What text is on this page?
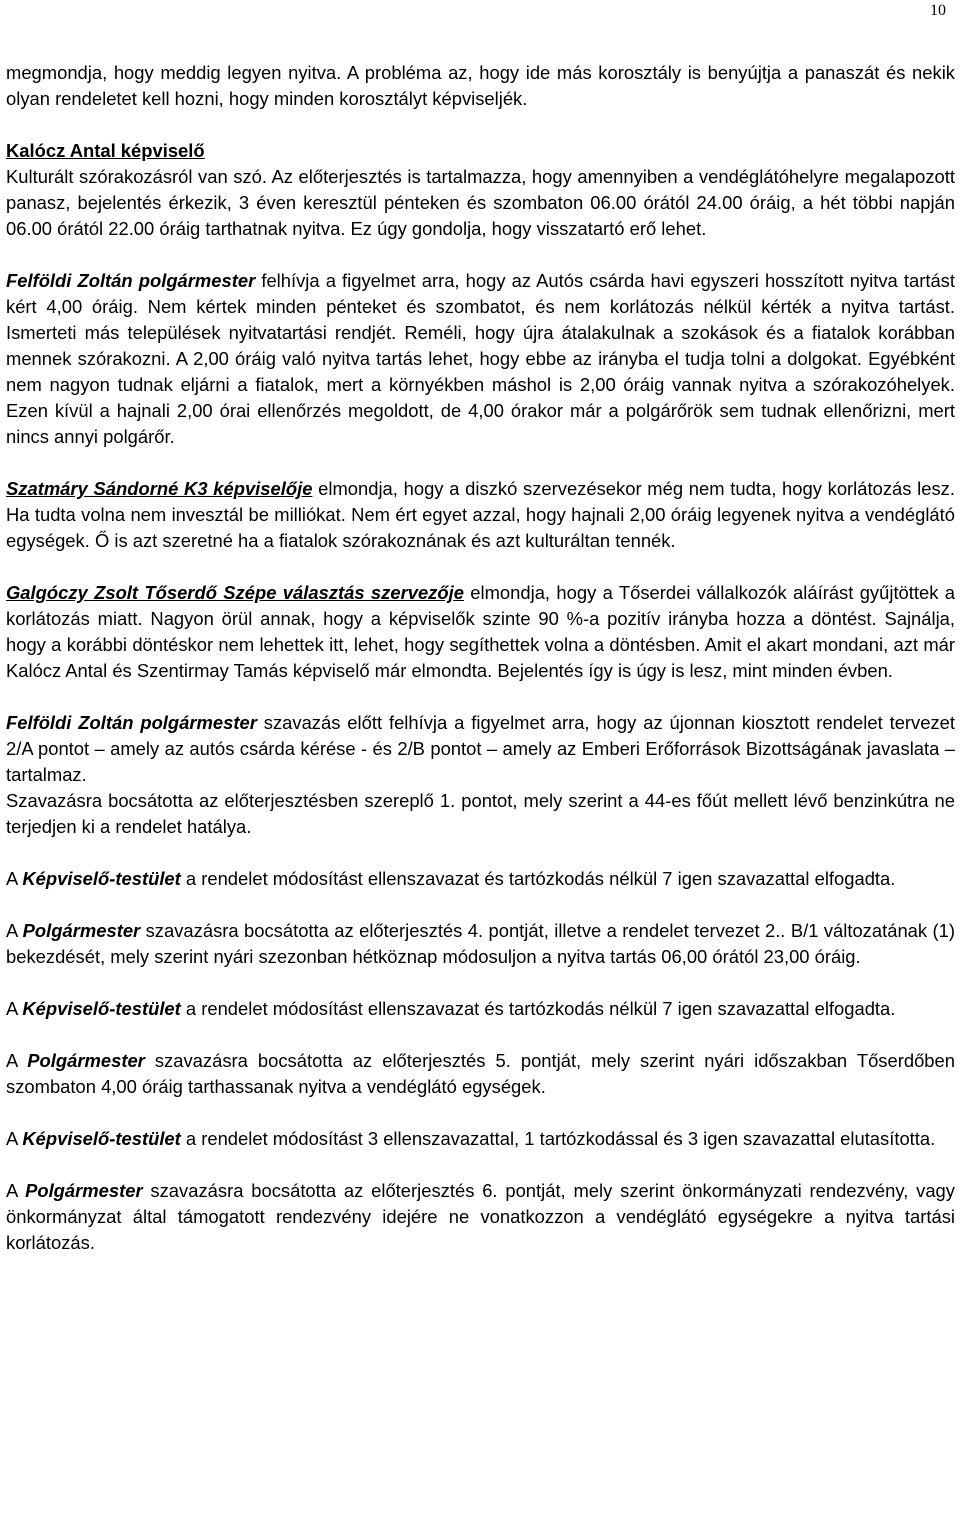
10

megmondja, hogy meddig legyen nyitva. A probléma az, hogy ide más korosztály is benyújtja a panaszát és nekik olyan rendeletet kell hozni, hogy minden korosztályt képviseljék.

Kalócz Antal képviselő

Kulturált szórakozásról van szó. Az előterjesztés is tartalmazza, hogy amennyiben a vendéglátóhelyre megalapozott panasz, bejelentés érkezik, 3 éven keresztül pénteken és szombaton 06.00 órától 24.00 óráig, a hét többi napján 06.00 órától 22.00 óráig tarthatnak nyitva. Ez úgy gondolja, hogy visszatartó erő lehet.

Felföldi Zoltán polgármester felhívja a figyelmet arra, hogy az Autós csárda havi egyszeri hosszított nyitva tartást kért 4,00 óráig. Nem kértek minden pénteket és szombatot, és nem korlátozás nélkül kérték a nyitva tartást. Ismerteti más települések nyitvatartási rendjét. Reméli, hogy újra átalakulnak a szokások és a fiatalok korábban mennek szórakozni. A 2,00 óráig való nyitva tartás lehet, hogy ebbe az irányba el tudja tolni a dolgokat. Egyébként nem nagyon tudnak eljárni a fiatalok, mert a környékben máshol is 2,00 óráig vannak nyitva a szórakozóhelyek. Ezen kívül a hajnali 2,00 órai ellenőrzés megoldott, de 4,00 órakor már a polgárőrök sem tudnak ellenőrizni, mert nincs annyi polgárőr.

Szatmáry Sándorné K3 képviselője elmondja, hogy a diszkó szervezésekor még nem tudta, hogy korlátozás lesz. Ha tudta volna nem invesztál be milliókat. Nem ért egyet azzal, hogy hajnali 2,00 óráig legyenek nyitva a vendéglátó egységek. Ő is azt szeretné ha a fiatalok szórakoznának és azt kulturáltan tennék.

Galgóczy Zsolt Tőserdő Szépe választás szervezője elmondja, hogy a Tőserdei vállalkozók aláírást gyűjtöttek a korlátozás miatt. Nagyon örül annak, hogy a képviselők szinte 90 %-a pozitív irányba hozza a döntést. Sajnálja, hogy a korábbi döntéskor nem lehettek itt, lehet, hogy segíthettek volna a döntésben. Amit el akart mondani, azt már Kalócz Antal és Szentirmay Tamás képviselő már elmondta. Bejelentés így is úgy is lesz, mint minden évben.

Felföldi Zoltán polgármester szavazás előtt felhívja a figyelmet arra, hogy az újonnan kiosztott rendelet tervezet 2/A pontot – amely az autós csárda kérése - és 2/B pontot – amely az Emberi Erőforrások Bizottságának javaslata – tartalmaz.

Szavazásra bocsátotta az előterjesztésben szereplő 1. pontot, mely szerint a 44-es főút mellett lévő benzinkútra ne terjedjen ki a rendelet hatálya.

A Képviselő-testület a rendelet módosítást ellenszavazat és tartózkodás nélkül 7 igen szavazattal elfogadta.

A Polgármester szavazásra bocsátotta az előterjesztés 4. pontját, illetve a rendelet tervezet 2.. B/1 változatának (1) bekezdését, mely szerint nyári szezonban hétköznap módosuljon a nyitva tartás 06,00 órától 23,00 óráig.

A Képviselő-testület a rendelet módosítást ellenszavazat és tartózkodás nélkül 7 igen szavazattal elfogadta.

A Polgármester szavazásra bocsátotta az előterjesztés 5. pontját, mely szerint nyári időszakban Tőserdőben szombaton 4,00 óráig tarthassanak nyitva a vendéglátó egységek.

A Képviselő-testület a rendelet módosítást 3 ellenszavazattal, 1 tartózkodással és 3 igen szavazattal elutasította.

A Polgármester szavazásra bocsátotta az előterjesztés 6. pontját, mely szerint önkormányzati rendezvény, vagy önkormányzat által támogatott rendezvény idejére ne vonatkozzon a vendéglátó egységekre a nyitva tartási korlátozás.
